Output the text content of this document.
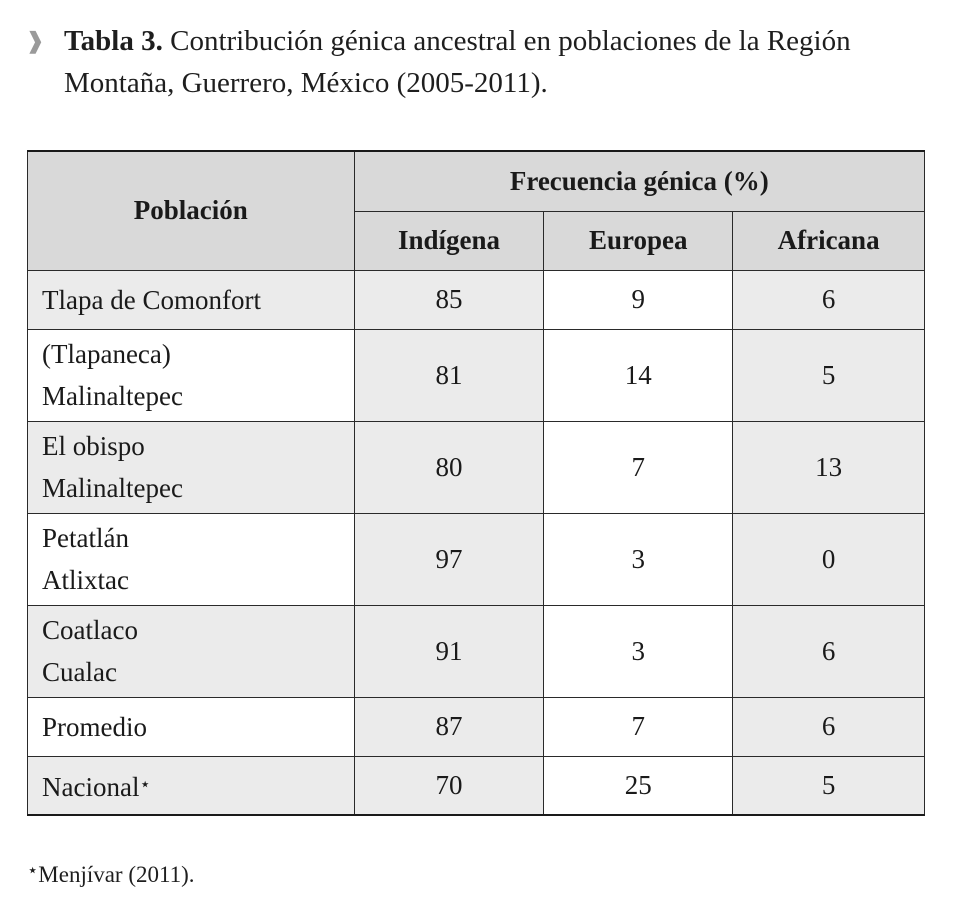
❱ Tabla 3. Contribución génica ancestral en poblaciones de la Región Montaña, Guerrero, México (2005-2011).
Población	Frecuencia génica (%)		
	Indígena	Europea	Africana
Tlapa de Comonfort	85	9	6
(Tlapaneca)
Malinaltepec	81	14	5
El obispo
Malinaltepec	80	7	13
Petatlán
Atlixtac	97	3	0
Coatlaco
Cualac	91	3	6
Promedio	87	7	6
Nacional⋆	70	25	5
⋆Menjívar (2011).
